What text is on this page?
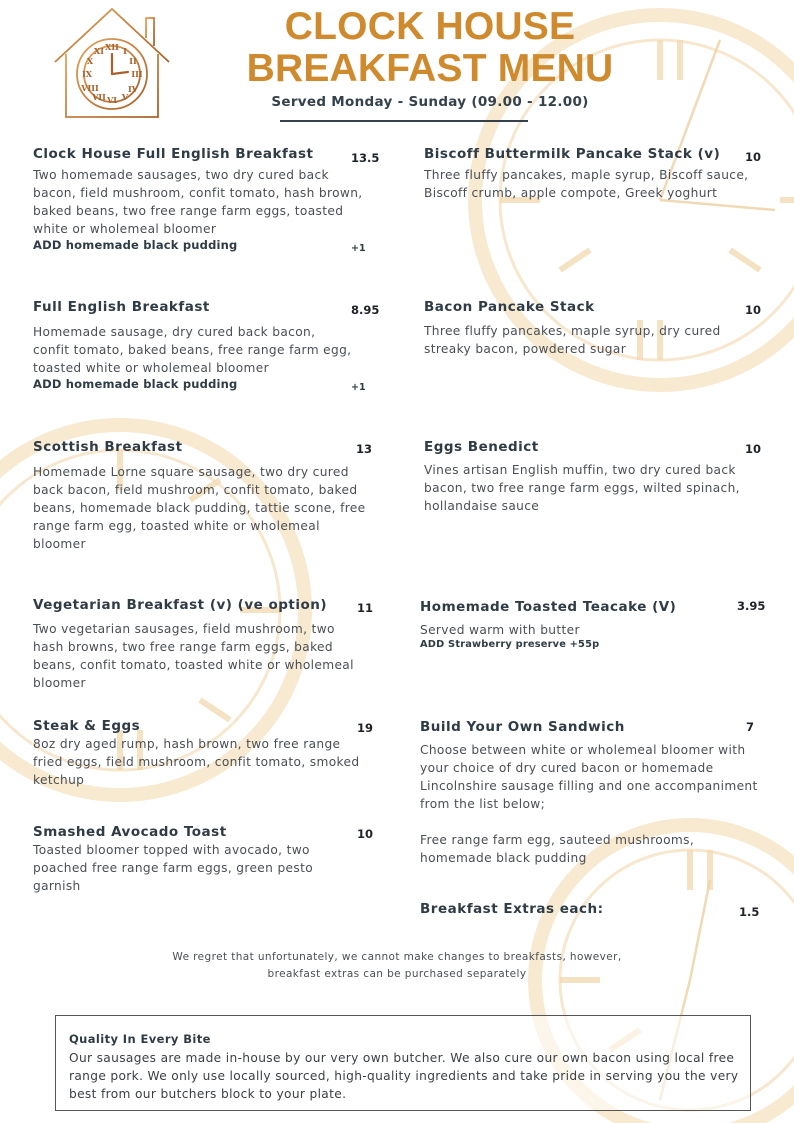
XII
III
VI
IX
I
II
IV
V
VII
VIII
X
XI
CLOCK HOUSE
BREAKFAST MENU
Served Monday - Sunday (09.00 - 12.00)
Clock House Full English Breakfast
Two homemade sausages, two dry cured back bacon, field mushroom, confit tomato, hash brown, baked beans, two free range farm eggs, toasted white or wholemeal bloomer
ADD homemade black pudding
13.5
+1
Full English Breakfast
Homemade sausage, dry cured back bacon, confit tomato, baked beans, free range farm egg, toasted white or wholemeal bloomer
ADD homemade black pudding
8.95
+1
Scottish Breakfast
Homemade Lorne square sausage, two dry cured back bacon, field mushroom, confit tomato, baked beans, homemade black pudding, tattie scone, free range farm egg, toasted white or wholemeal bloomer
13
Vegetarian Breakfast (v) (ve option)
Two vegetarian sausages, field mushroom, two hash browns, two free range farm eggs, baked beans, confit tomato, toasted white or wholemeal bloomer
11
Steak & Eggs
8oz dry aged rump, hash brown, two free range fried eggs, field mushroom, confit tomato, smoked ketchup
19
Smashed Avocado Toast
Toasted bloomer topped with avocado, two poached free range farm eggs, green pesto garnish
10
Biscoff Buttermilk Pancake Stack (v)
Three fluffy pancakes, maple syrup, Biscoff sauce, Biscoff crumb, apple compote, Greek yoghurt
10
Bacon Pancake Stack
Three fluffy pancakes, maple syrup, dry cured streaky bacon, powdered sugar
10
Eggs Benedict
Vines artisan English muffin, two dry cured back bacon, two free range farm eggs, wilted spinach, hollandaise sauce
10
Homemade Toasted Teacake (V)
Served warm with butter
ADD Strawberry preserve +55p
3.95
Build Your Own Sandwich
Choose between white or wholemeal bloomer with your choice of dry cured bacon or homemade Lincolnshire sausage filling and one accompaniment from the list below;
Free range farm egg, sauteed mushrooms, homemade black pudding
7
Breakfast Extras each:	1.5
We regret that unfortunately, we cannot make changes to breakfasts, however,
breakfast extras can be purchased separately
Quality In Every Bite
Our sausages are made in-house by our very own butcher. We also cure our own bacon using local free range pork. We only use locally sourced, high-quality ingredients and take pride in serving you the very best from our butchers block to your plate.
